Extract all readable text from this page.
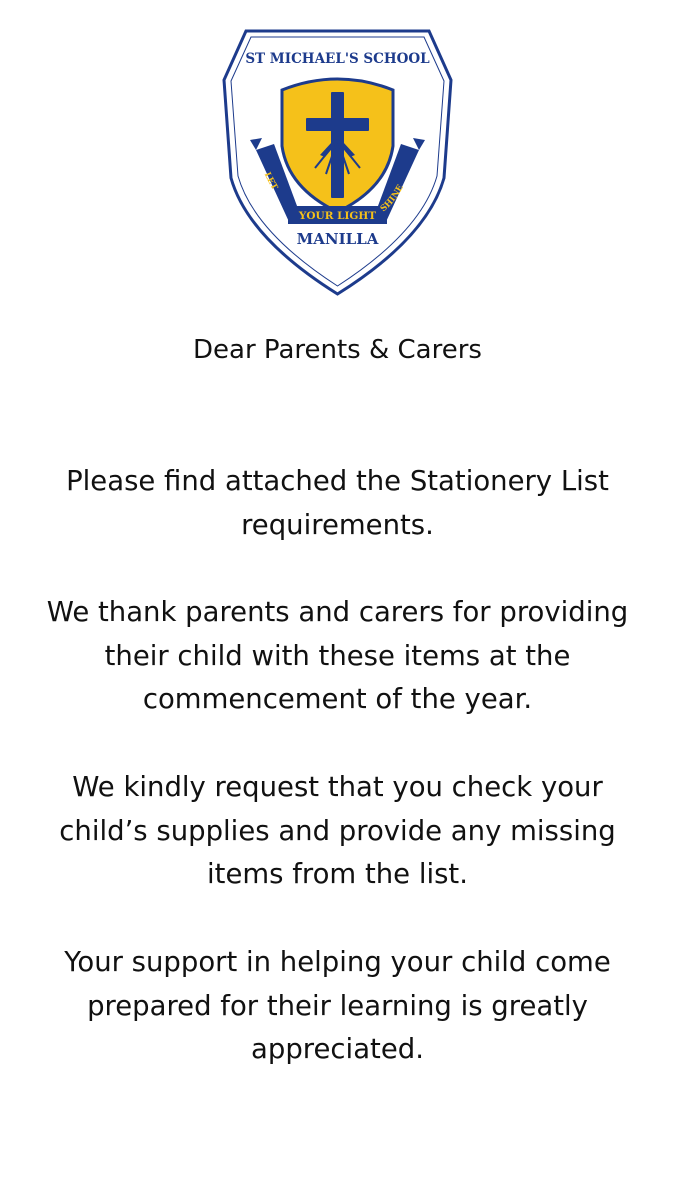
ST MICHAEL'S SCHOOL
LET
SHINE
YOUR LIGHT
MANILLA
Dear Parents & Carers
Please find attached the Stationery List
requirements.
We thank parents and carers for providing
their child with these items at the
commencement of the year.
We kindly request that you check your
child’s supplies and provide any missing
items from the list.
Your support in helping your child come
prepared for their learning is greatly
appreciated.
